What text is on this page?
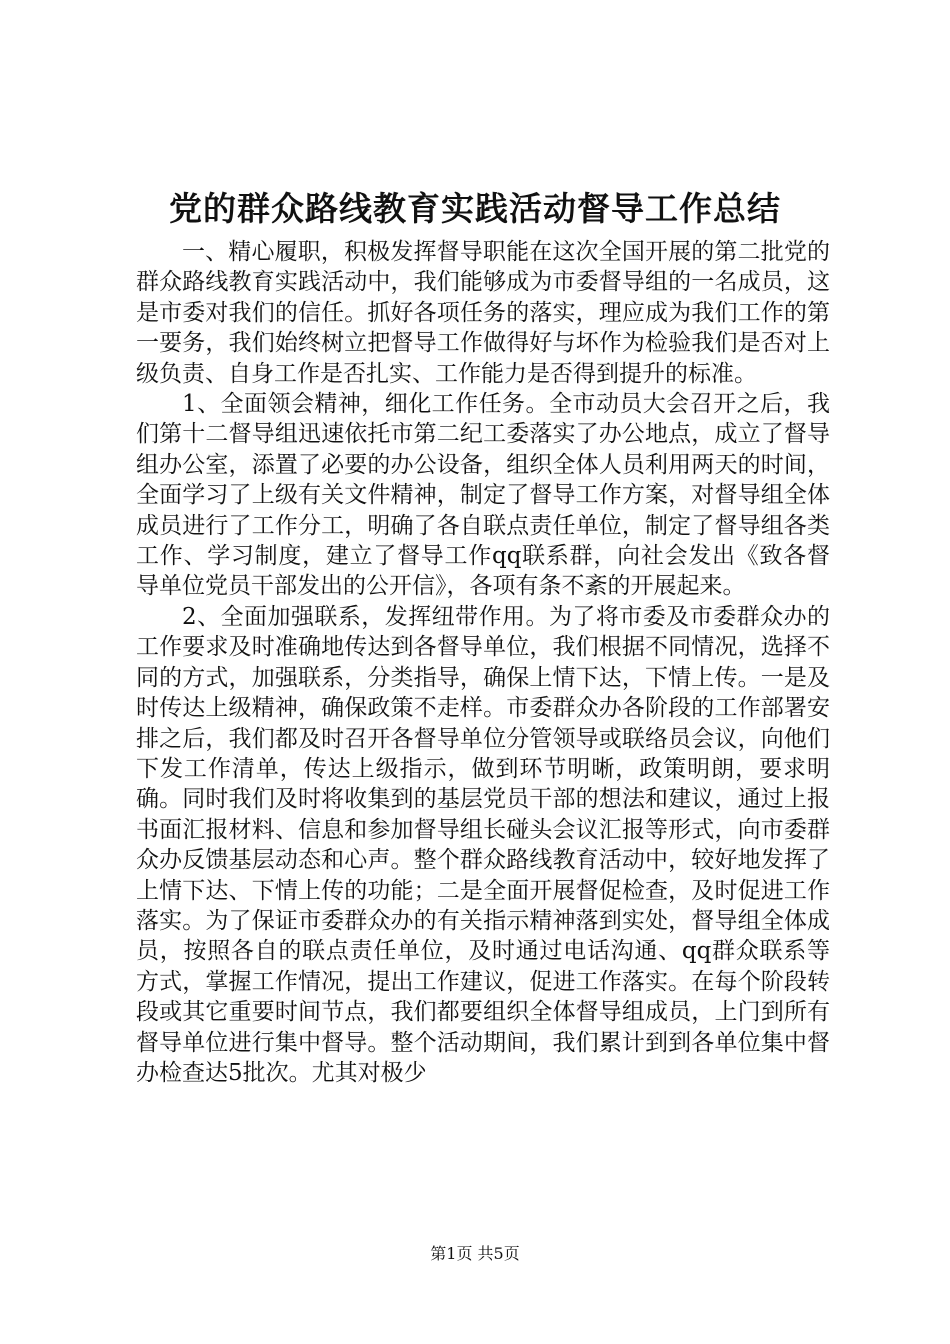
党的群众路线教育实践活动督导工作总结

一、精心履职，积极发挥督导职能在这次全国开展的第二批党的群众路线教育实践活动中，我们能够成为市委督导组的一名成员，这是市委对我们的信任。抓好各项任务的落实，理应成为我们工作的第一要务，我们始终树立把督导工作做得好与坏作为检验我们是否对上级负责、自身工作是否扎实、工作能力是否得到提升的标准。

1、全面领会精神，细化工作任务。全市动员大会召开之后，我们第十二督导组迅速依托市第二纪工委落实了办公地点，成立了督导组办公室，添置了必要的办公设备，组织全体人员利用两天的时间，全面学习了上级有关文件精神，制定了督导工作方案，对督导组全体成员进行了工作分工，明确了各自联点责任单位，制定了督导组各类工作、学习制度，建立了督导工作qq联系群，向社会发出《致各督导单位党员干部发出的公开信》，各项有条不紊的开展起来。

2、全面加强联系，发挥纽带作用。为了将市委及市委群众办的工作要求及时准确地传达到各督导单位，我们根据不同情况，选择不同的方式，加强联系，分类指导，确保上情下达，下情上传。一是及时传达上级精神，确保政策不走样。市委群众办各阶段的工作部署安排之后，我们都及时召开各督导单位分管领导或联络员会议，向他们下发工作清单，传达上级指示，做到环节明晰，政策明朗，要求明确。同时我们及时将收集到的基层党员干部的想法和建议，通过上报书面汇报材料、信息和参加督导组长碰头会议汇报等形式，向市委群众办反馈基层动态和心声。整个群众路线教育活动中，较好地发挥了上情下达、下情上传的功能；二是全面开展督促检查，及时促进工作落实。为了保证市委群众办的有关指示精神落到实处，督导组全体成员，按照各自的联点责任单位，及时通过电话沟通、qq群众联系等方式，掌握工作情况，提出工作建议，促进工作落实。在每个阶段转段或其它重要时间节点，我们都要组织全体督导组成员，上门到所有督导单位进行集中督导。整个活动期间，我们累计到到各单位集中督办检查达5批次。尤其对极少

第1页 共5页
